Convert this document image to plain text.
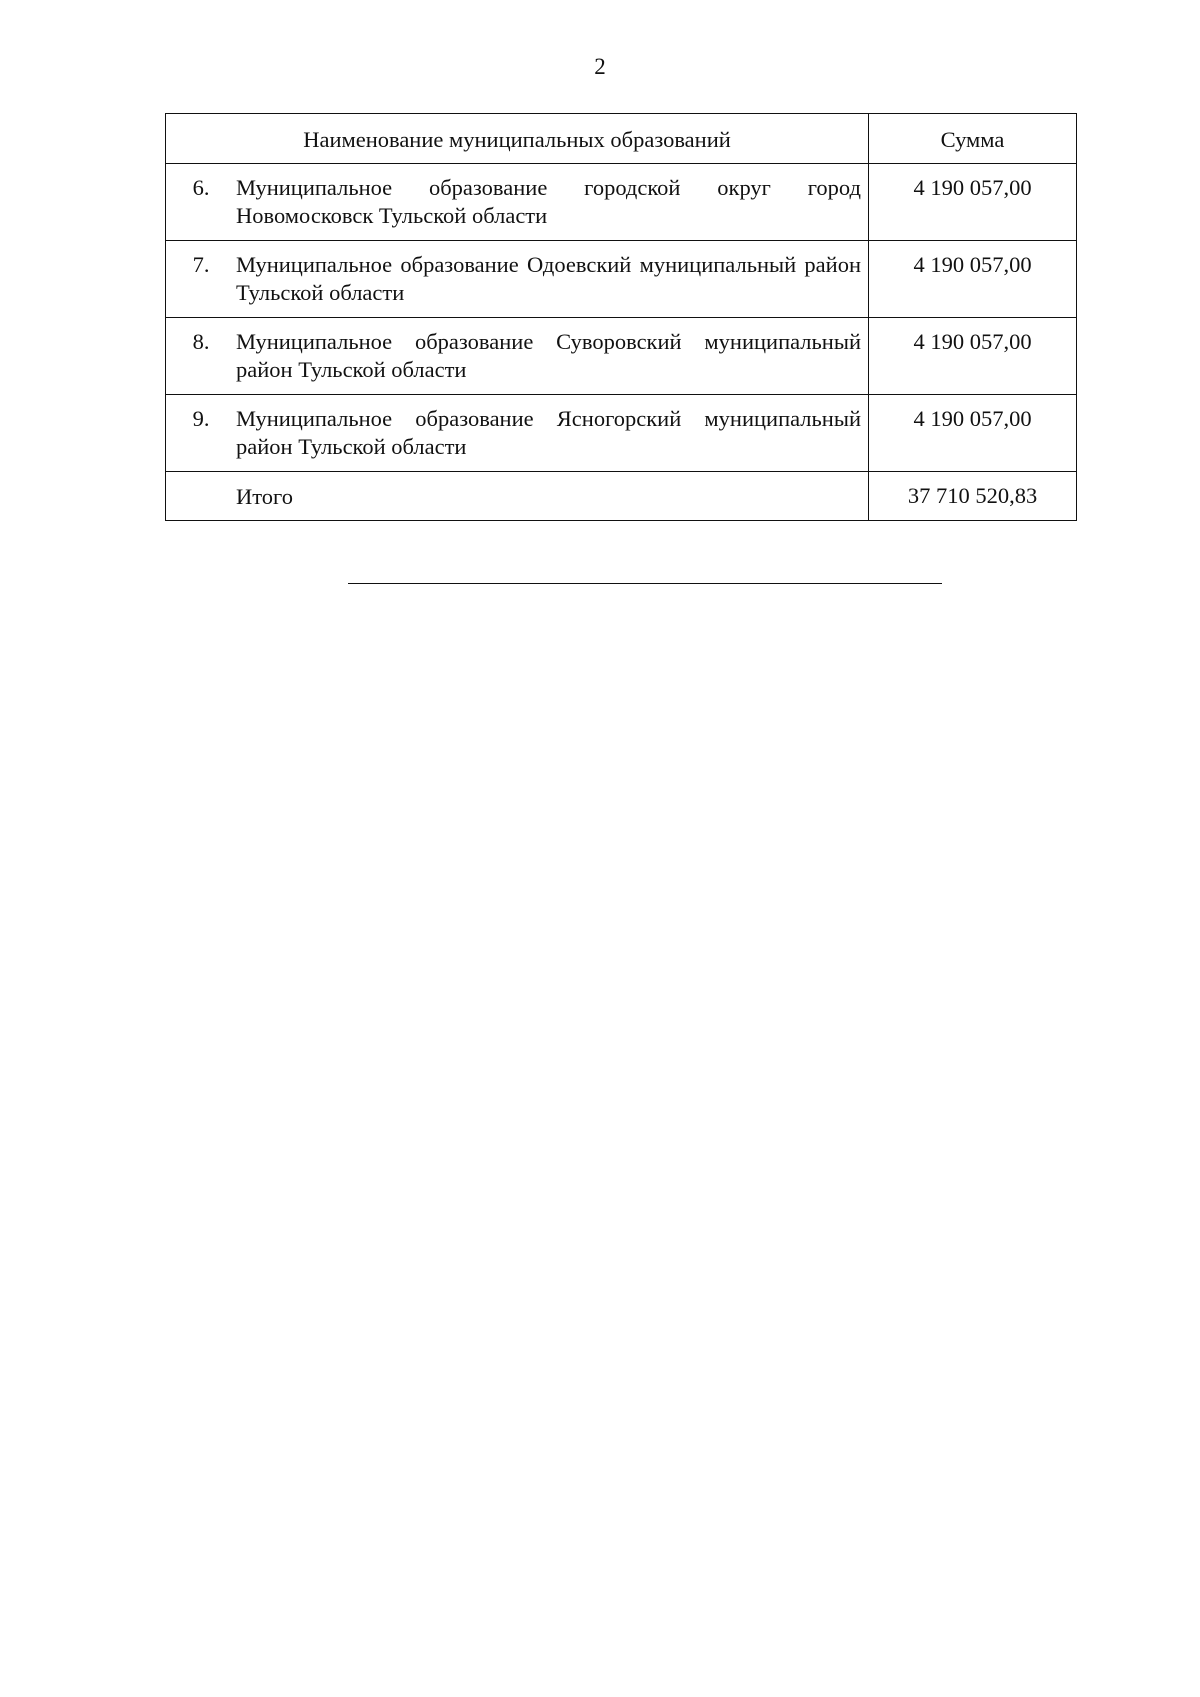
2
Наименование муниципальных образований	Сумма

6. Муниципальное образование городской округ город Новомосковск Тульской области	4 190 057,00

7. Муниципальное образование Одоевский муниципальный район Тульской области	4 190 057,00

8. Муниципальное образование Суворовский муниципальный район Тульской области	4 190 057,00

9. Муниципальное образование Ясногорский муниципальный район Тульской области	4 190 057,00

Итого	37 710 520,83
